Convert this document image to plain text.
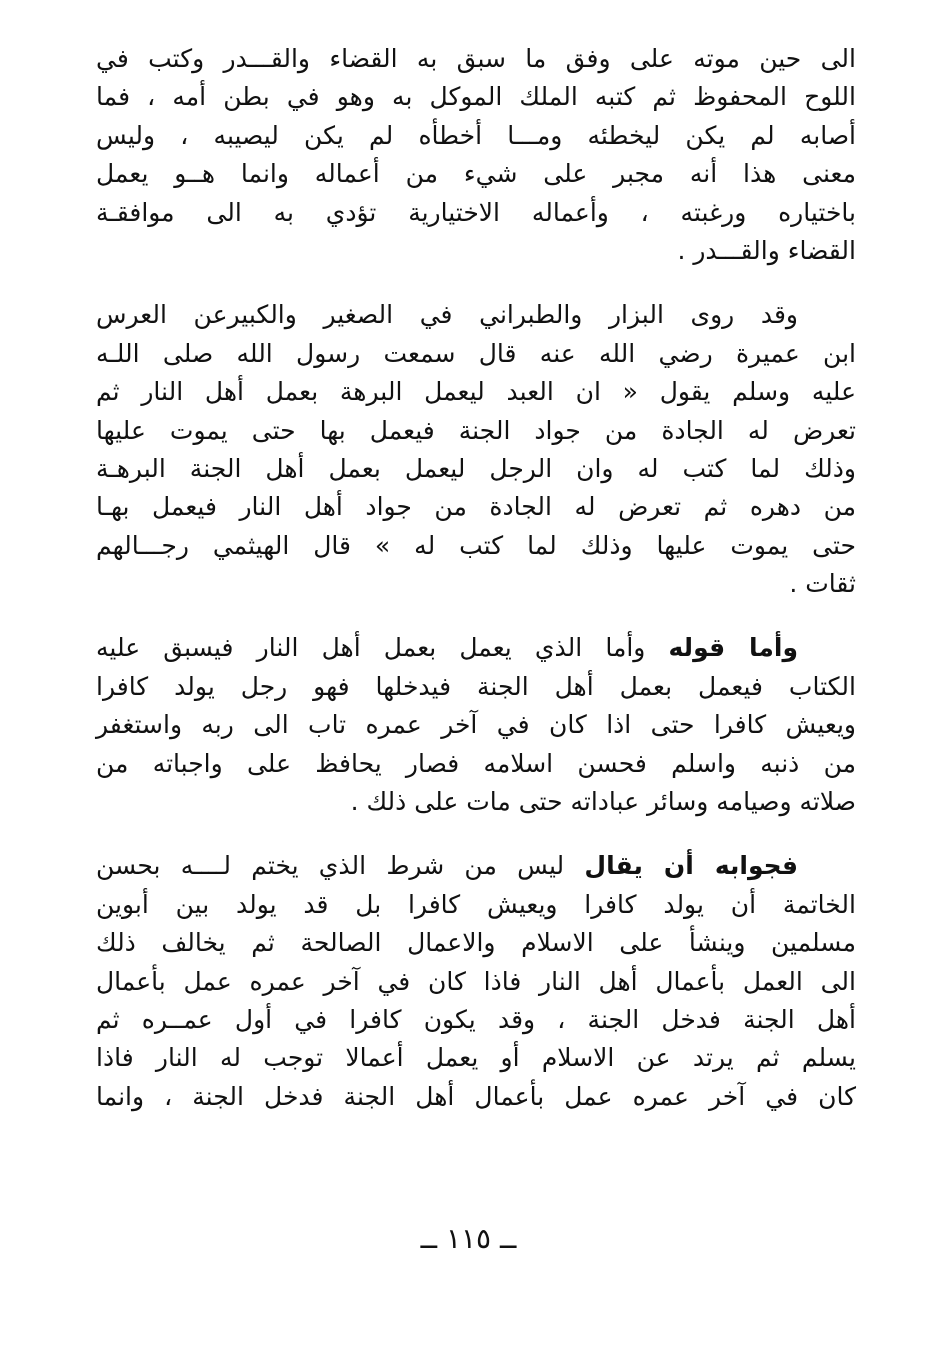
الى حين موته على وفق ما سبق به القضاء والقـــدر وكتب في
اللوح المحفوظ ثم كتبه الملك الموكل به وهو في بطن أمه ، فما
أصابه لم يكن ليخطئه ومـــا أخطأه لم يكن ليصيبه ، وليس
معنى هذا أنه مجبر على شيء من أعماله وانما هــو يعمل
باختياره ورغبته ، وأعماله الاختيارية تؤدي به الى موافقـة
القضاء والقـــدر .
وقد روى البزار والطبراني في الصغير والكبيرعن العرس
ابن عميرة رضي الله عنه قال سمعت رسول الله صلى اللـه
عليه وسلم يقول « ان العبد ليعمل البرهة بعمل أهل النار ثم
تعرض له الجادة من جواد الجنة فيعمل بها حتى يموت عليها
وذلك لما كتب له وان الرجل ليعمل بعمل أهل الجنة البرهـة
من دهره ثم تعرض له الجادة من جواد أهل النار فيعمل بهـا
حتى يموت عليها وذلك لما كتب له » قال الهيثمي رجـــالهم
ثقات .
وأما قوله وأما الذي يعمل بعمل أهل النار فيسبق عليه
الكتاب فيعمل بعمل أهل الجنة فيدخلها فهو رجل يولد كافرا
ويعيش كافرا حتى اذا كان في آخر عمره تاب الى ربه واستغفر
من ذنبه واسلم فحسن اسلامه فصار يحافظ على واجباته من
صلاته وصيامه وسائر عباداته حتى مات على ذلك .
فجوابه أن يقال ليس من شرط الذي يختم لــــه بحسن
الخاتمة أن يولد كافرا ويعيش كافرا بل قد يولد بين أبوين
مسلمين وينشأ على الاسلام والاعمال الصالحة ثم يخالف ذلك
الى العمل بأعمال أهل النار فاذا كان في آخر عمره عمل بأعمال
أهل الجنة فدخل الجنة ، وقد يكون كافرا في أول عمــره ثم
يسلم ثم يرتد عن الاسلام أو يعمل أعمالا توجب له النار فاذا
كان في آخر عمره عمل بأعمال أهل الجنة فدخل الجنة ، وانما
ــ ١١٥ ــ
